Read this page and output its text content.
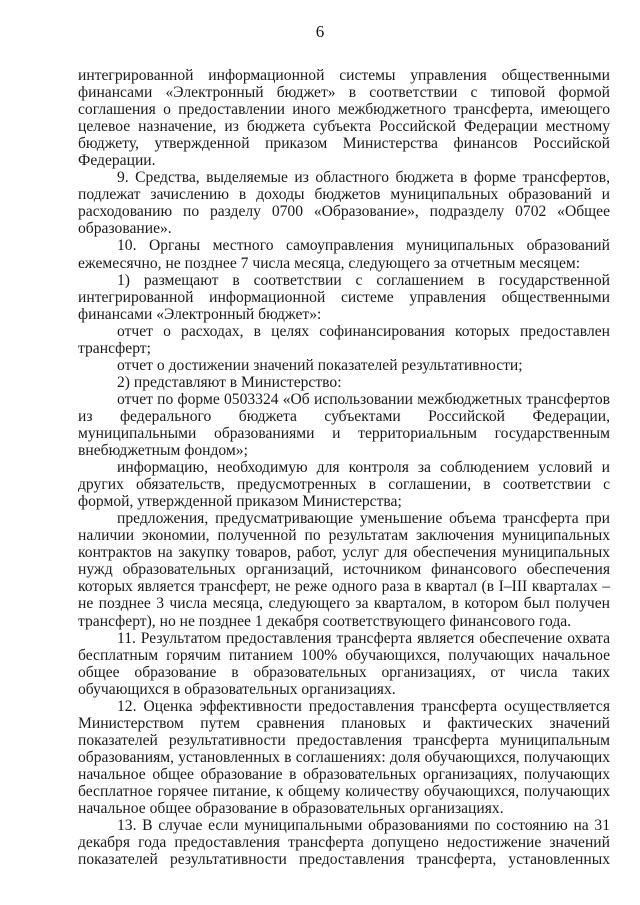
6

интегрированной информационной системы управления общественными финансами «Электронный бюджет» в соответствии с типовой формой соглашения о предоставлении иного межбюджетного трансферта, имеющего целевое назначение, из бюджета субъекта Российской Федерации местному бюджету, утвержденной приказом Министерства финансов Российской Федерации.

9. Средства, выделяемые из областного бюджета в форме трансфертов, подлежат зачислению в доходы бюджетов муниципальных образований и расходованию по разделу 0700 «Образование», подразделу 0702 «Общее образование».

10. Органы местного самоуправления муниципальных образований ежемесячно, не позднее 7 числа месяца, следующего за отчетным месяцем:

1) размещают в соответствии с соглашением в государственной интегрированной информационной системе управления общественными финансами «Электронный бюджет»:

отчет о расходах, в целях софинансирования которых предоставлен трансферт;

отчет о достижении значений показателей результативности;

2) представляют в Министерство:

отчет по форме 0503324 «Об использовании межбюджетных трансфертов из федерального бюджета субъектами Российской Федерации, муниципальными образованиями и территориальным государственным внебюджетным фондом»;

информацию, необходимую для контроля за соблюдением условий и других обязательств, предусмотренных в соглашении, в соответствии с формой, утвержденной приказом Министерства;

предложения, предусматривающие уменьшение объема трансферта при наличии экономии, полученной по результатам заключения муниципальных контрактов на закупку товаров, работ, услуг для обеспечения муниципальных нужд образовательных организаций, источником финансового обеспечения которых является трансферт, не реже одного раза в квартал (в I–III кварталах – не позднее 3 числа месяца, следующего за кварталом, в котором был получен трансферт), но не позднее 1 декабря соответствующего финансового года.

11. Результатом предоставления трансферта является обеспечение охвата бесплатным горячим питанием 100% обучающихся, получающих начальное общее образование в образовательных организациях, от числа таких обучающихся в образовательных организациях.

12. Оценка эффективности предоставления трансферта осуществляется Министерством путем сравнения плановых и фактических значений показателей результативности предоставления трансферта муниципальным образованиям, установленных в соглашениях: доля обучающихся, получающих начальное общее образование в образовательных организациях, получающих бесплатное горячее питание, к общему количеству обучающихся, получающих начальное общее образование в образовательных организациях.

13. В случае если муниципальными образованиями по состоянию на 31 декабря года предоставления трансферта допущено недостижение значений показателей результативности предоставления трансферта, установленных
